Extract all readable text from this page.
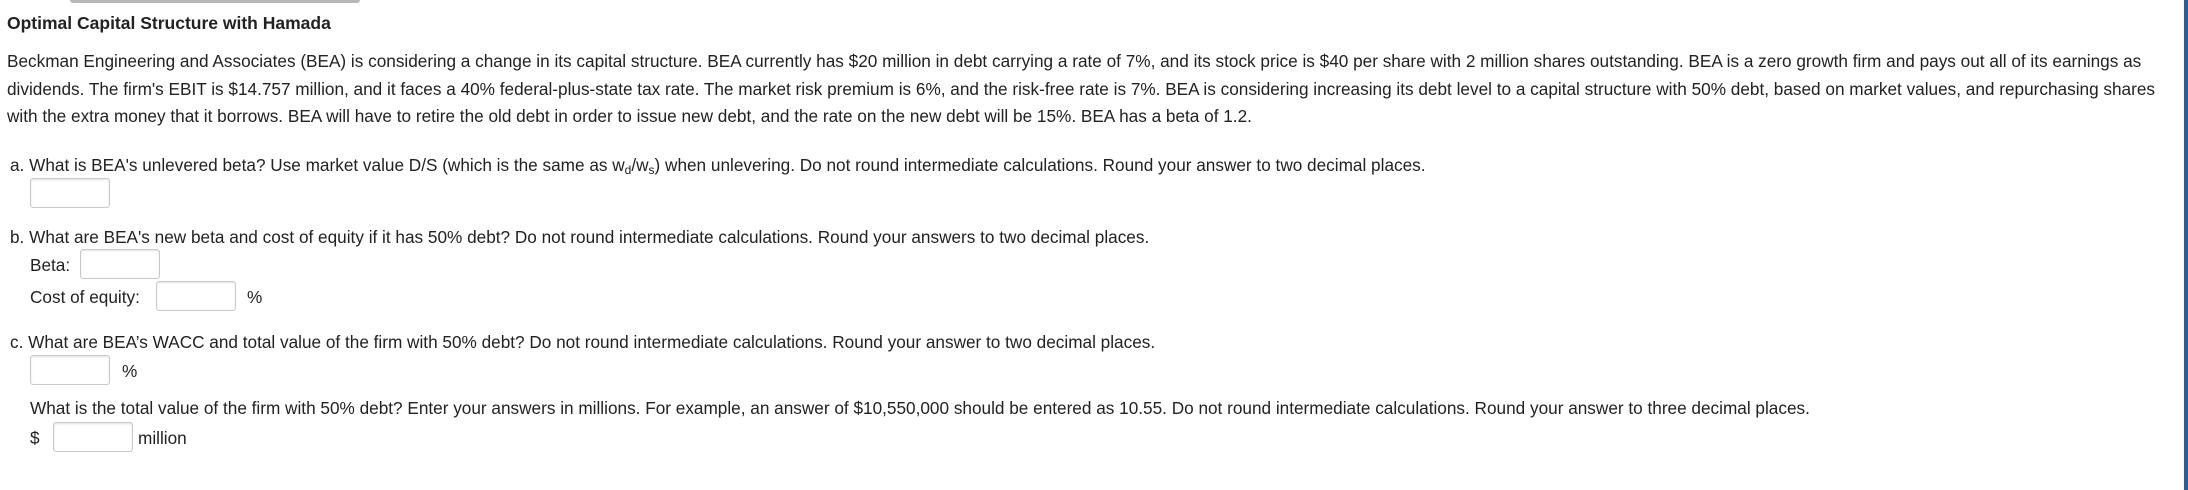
Optimal Capital Structure with Hamada
Beckman Engineering and Associates (BEA) is considering a change in its capital structure. BEA currently has $20 million in debt carrying a rate of 7%, and its stock price is $40 per share with 2 million shares outstanding. BEA is a zero growth firm and pays out all of its earnings as dividends. The firm's EBIT is $14.757 million, and it faces a 40% federal-plus-state tax rate. The market risk premium is 6%, and the risk-free rate is 7%. BEA is considering increasing its debt level to a capital structure with 50% debt, based on market values, and repurchasing shares with the extra money that it borrows. BEA will have to retire the old debt in order to issue new debt, and the rate on the new debt will be 15%. BEA has a beta of 1.2.
a. What is BEA's unlevered beta? Use market value D/S (which is the same as $w_d/w_s$) when unlevering. Do not round intermediate calculations. Round your answer to two decimal places.
b. What are BEA's new beta and cost of equity if it has 50% debt? Do not round intermediate calculations. Round your answers to two decimal places.
Beta:
Cost of equity:	%
c. What are BEA’s WACC and total value of the firm with 50% debt? Do not round intermediate calculations. Round your answer to two decimal places.
%
What is the total value of the firm with 50% debt? Enter your answers in millions. For example, an answer of $10,550,000 should be entered as 10.55. Do not round intermediate calculations. Round your answer to three decimal places.
$	million
